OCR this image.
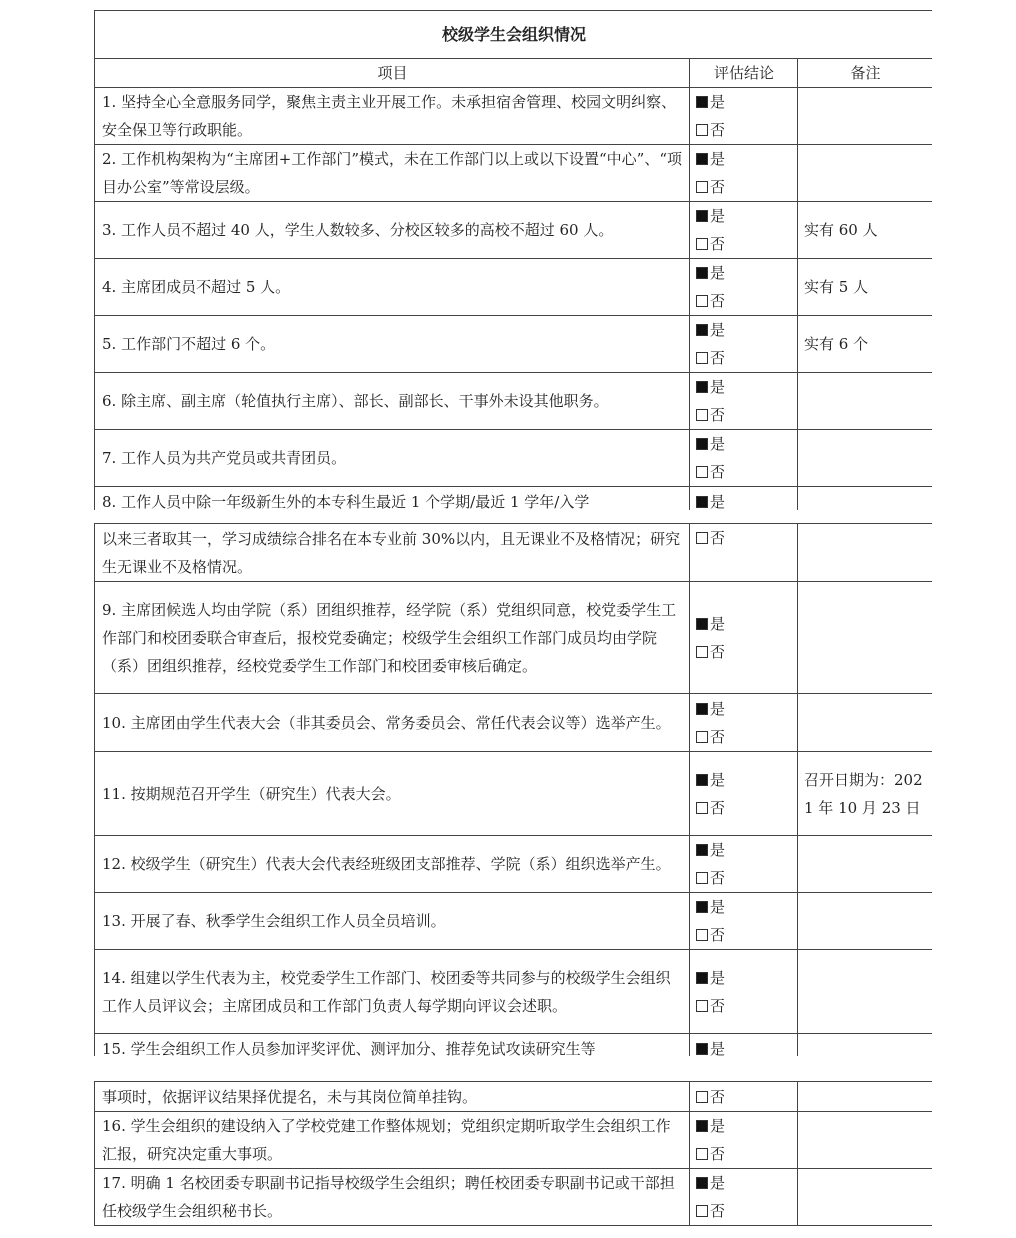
校级学生会组织情况		
项目	评估结论	备注
1. 坚持全心全意服务同学，聚焦主责主业开展工作。未承担宿舍管理、校园文明纠察、安全保卫等行政职能。	是
否	

2. 工作机构架构为“主席团+工作部门”模式，未在工作部门以上或以下设置“中心”、“项目办公室”等常设层级。	是
否	

3. 工作人员不超过 40 人，学生人数较多、分校区较多的高校不超过 60 人。	是
否	实有 60 人
4. 主席团成员不超过 5 人。	是
否	实有 5 人
5. 工作部门不超过 6 个。	是
否	实有 6 个
6. 除主席、副主席（轮值执行主席）、部长、副部长、干事外未设其他职务。	是
否	

7. 工作人员为共产党员或共青团员。	是
否	

8. 工作人员中除一年级新生外的本专科生最近 1 个学期/最近 1 学年/入学	是	

以来三者取其一，学习成绩综合排名在本专业前 30%以内，且无课业不及格情况；研究生无课业不及格情况。	否	

9. 主席团候选人均由学院（系）团组织推荐，经学院（系）党组织同意，校党委学生工作部门和校团委联合审查后，报校党委确定；校级学生会组织工作部门成员均由学院（系）团组织推荐，经校党委学生工作部门和校团委审核后确定。	是
否	

10. 主席团由学生代表大会（非其委员会、常务委员会、常任代表会议等）选举产生。	是
否	

11. 按期规范召开学生（研究生）代表大会。	是
否	召开日期为：2021 年 10 月 23 日
12. 校级学生（研究生）代表大会代表经班级团支部推荐、学院（系）组织选举产生。	是
否	

13. 开展了春、秋季学生会组织工作人员全员培训。	是
否	

14. 组建以学生代表为主，校党委学生工作部门、校团委等共同参与的校级学生会组织工作人员评议会；主席团成员和工作部门负责人每学期向评议会述职。	是
否	

15. 学生会组织工作人员参加评奖评优、测评加分、推荐免试攻读研究生等	是	

事项时，依据评议结果择优提名，未与其岗位简单挂钩。	否	

16. 学生会组织的建设纳入了学校党建工作整体规划；党组织定期听取学生会组织工作汇报，研究决定重大事项。	是
否	

17. 明确 1 名校团委专职副书记指导校级学生会组织；聘任校团委专职副书记或干部担任校级学生会组织秘书长。	是
否	
